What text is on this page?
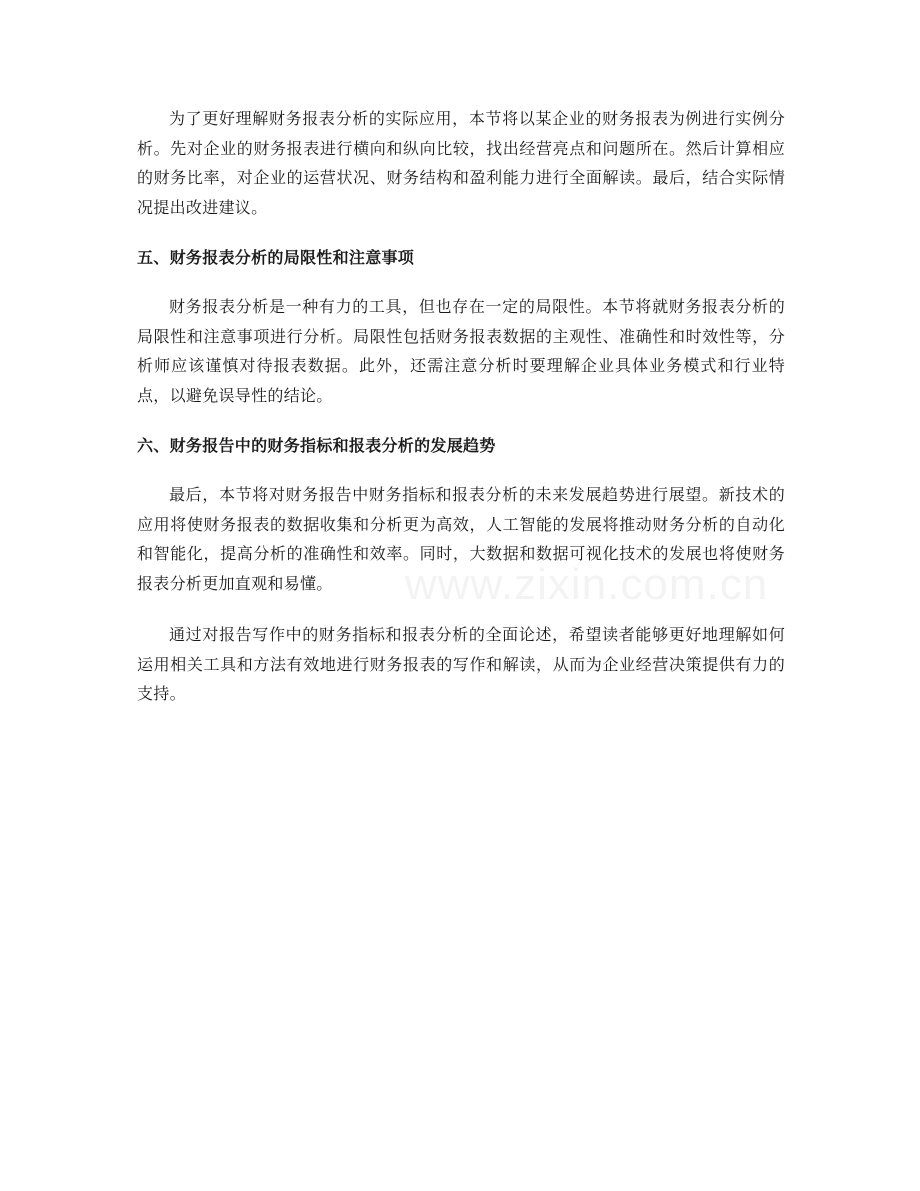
为了更好理解财务报表分析的实际应用，本节将以某企业的财务报表为例进行实例分析。先对企业的财务报表进行横向和纵向比较，找出经营亮点和问题所在。然后计算相应的财务比率，对企业的运营状况、财务结构和盈利能力进行全面解读。最后，结合实际情况提出改进建议。

五、财务报表分析的局限性和注意事项

财务报表分析是一种有力的工具，但也存在一定的局限性。本节将就财务报表分析的局限性和注意事项进行分析。局限性包括财务报表数据的主观性、准确性和时效性等，分析师应该谨慎对待报表数据。此外，还需注意分析时要理解企业具体业务模式和行业特点，以避免误导性的结论。

六、财务报告中的财务指标和报表分析的发展趋势

最后，本节将对财务报告中财务指标和报表分析的未来发展趋势进行展望。新技术的应用将使财务报表的数据收集和分析更为高效，人工智能的发展将推动财务分析的自动化和智能化，提高分析的准确性和效率。同时，大数据和数据可视化技术的发展也将使财务报表分析更加直观和易懂。

通过对报告写作中的财务指标和报表分析的全面论述，希望读者能够更好地理解如何运用相关工具和方法有效地进行财务报表的写作和解读，从而为企业经营决策提供有力的支持。
